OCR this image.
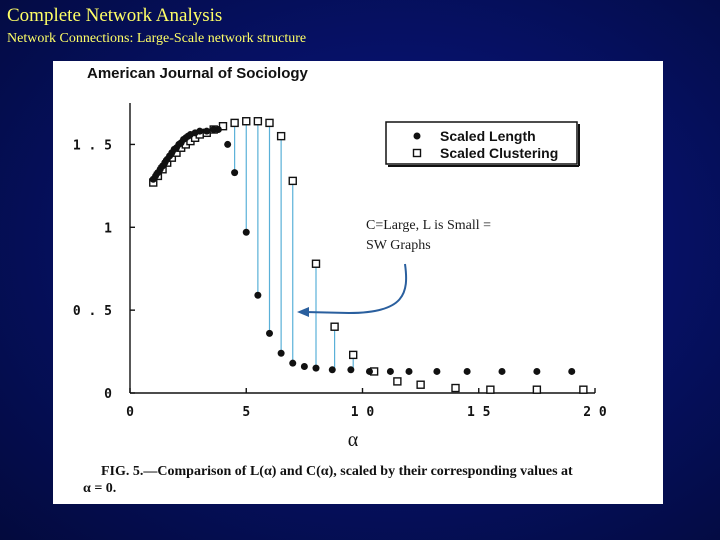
Complete Network Analysis

Network Connections: Large-Scale network structure

American Journal of Sociology
0	5	1 0	1 5	2 0
0
0 . 5
1
1 . 5
Scaled Length
Scaled Clustering
C=Large, L is Small =
SW Graphs
α
FIG. 5.—Comparison of L(α) and C(α), scaled by their corresponding values at
α = 0.
